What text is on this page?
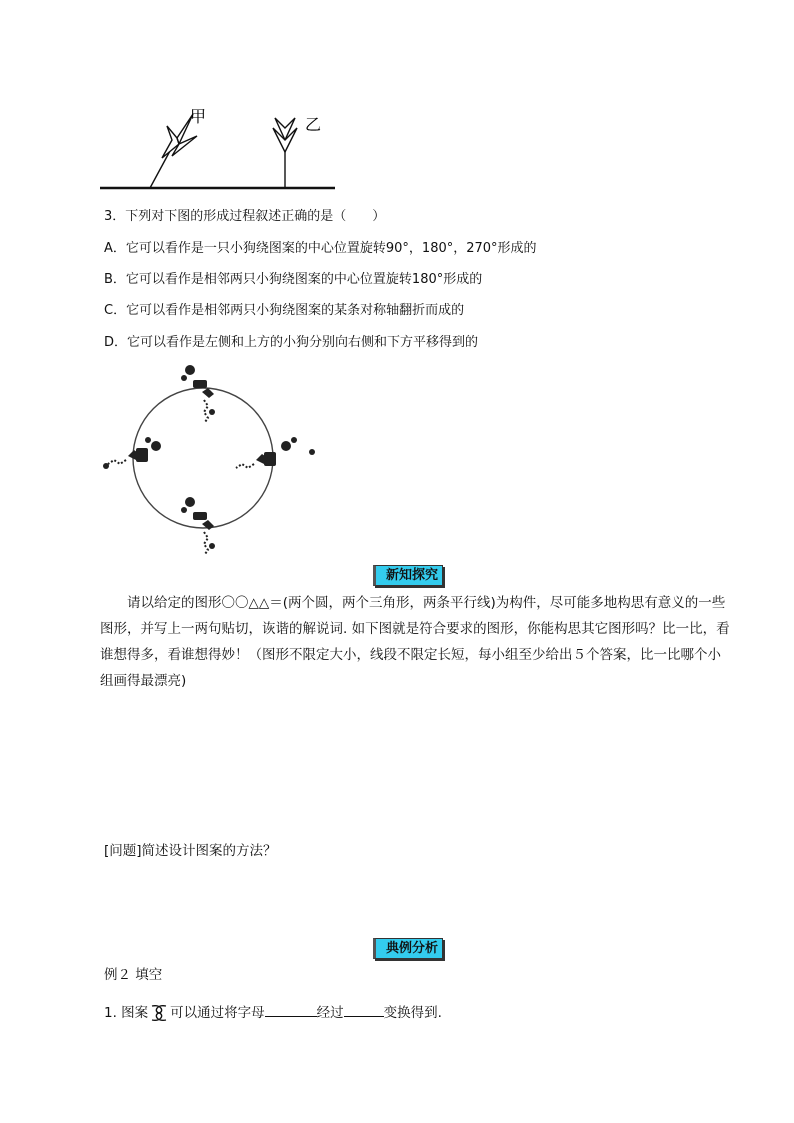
甲	乙
3．下列对下图的形成过程叙述正确的是（　　）
A．它可以看作是一只小狗绕图案的中心位置旋转90°，180°，270°形成的
B．它可以看作是相邻两只小狗绕图案的中心位置旋转180°形成的
C．它可以看作是相邻两只小狗绕图案的某条对称轴翻折而成的
D．它可以看作是左侧和上方的小狗分别向右侧和下方平移得到的
新知探究
请以给定的图形〇〇△△＝(两个圆，两个三角形，两条平行线)为构件，尽可能多地构思有意义的一些图形，并写上一两句贴切，诙谐的解说词. 如下图就是符合要求的图形，你能构思其它图形吗？比一比，看谁想得多，看谁想得妙！（图形不限定大小，线段不限定长短，每小组至少给出５个答案，比一比哪个小组画得最漂亮)
[问题]简述设计图案的方法？
典例分析
例２ 填空
1. 图案 可以通过将字母	经过	变换得到.
